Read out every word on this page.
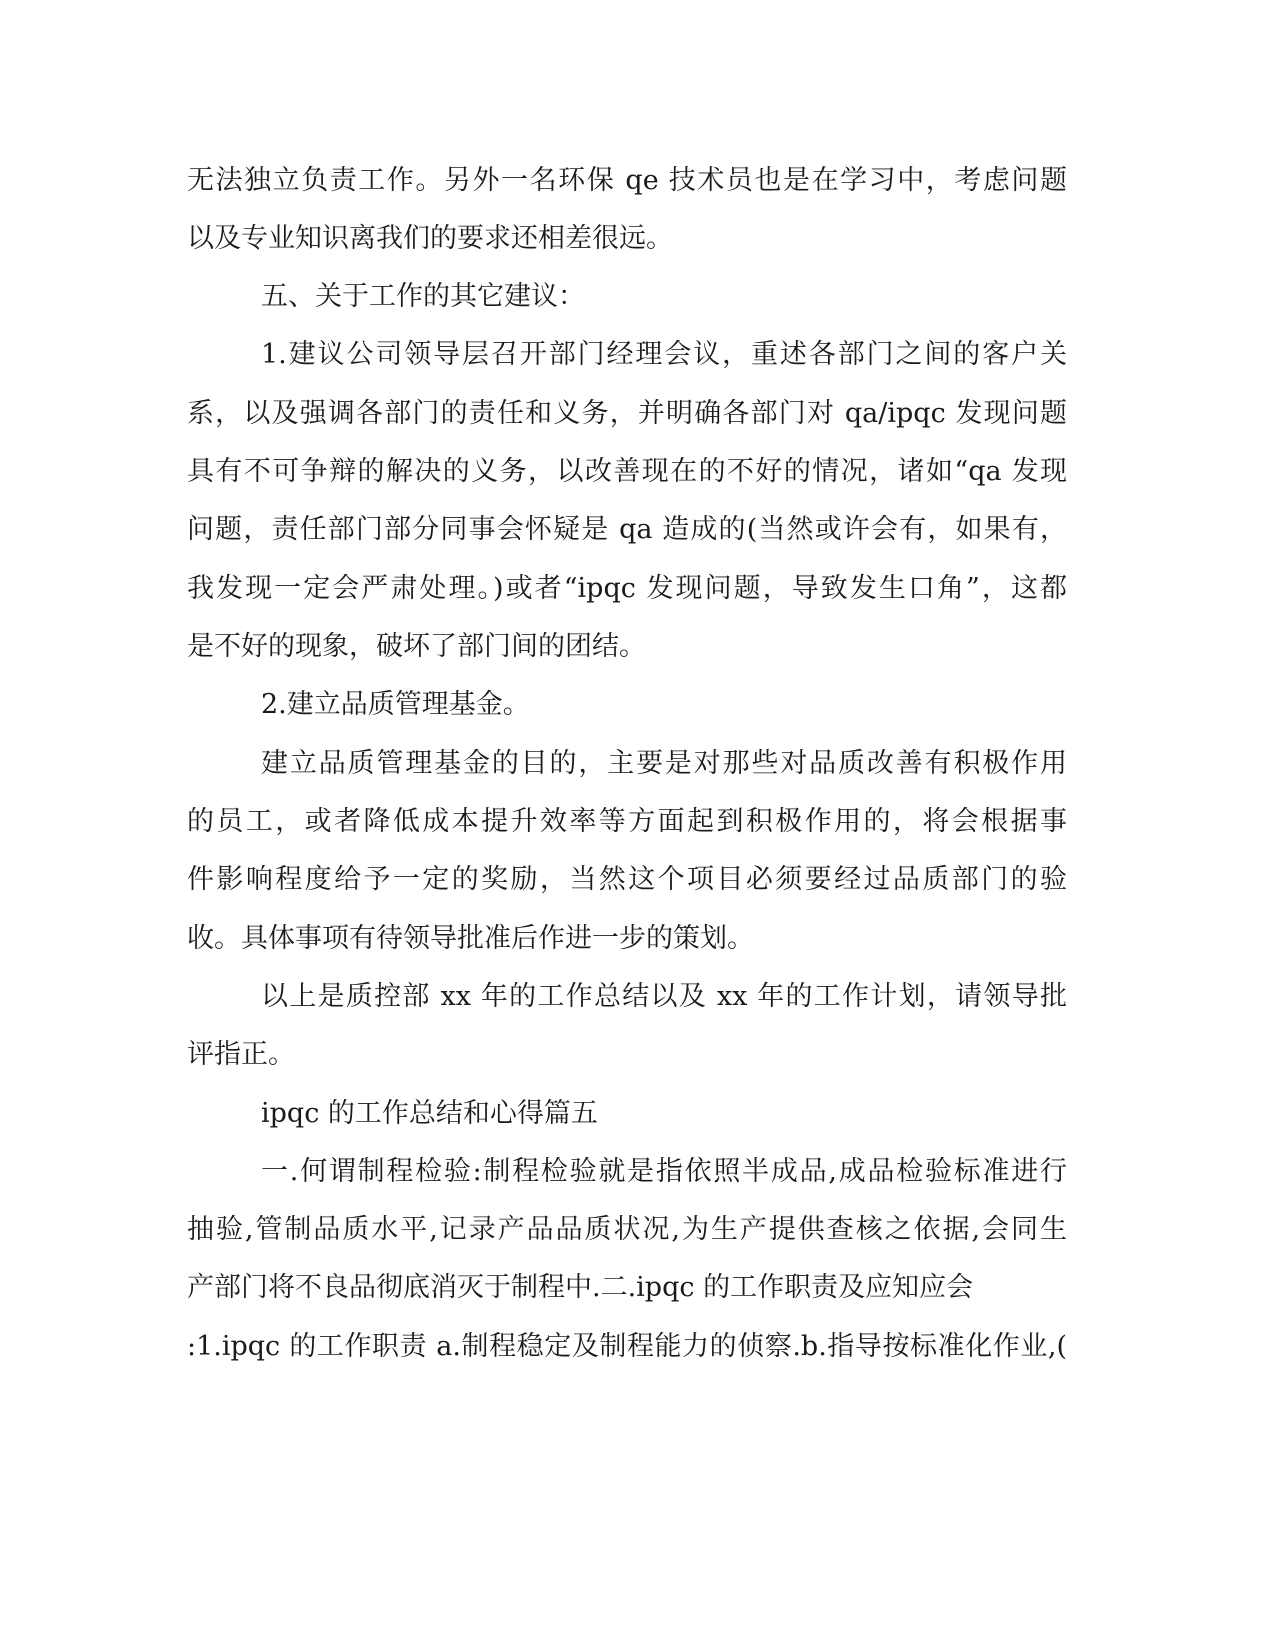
无法独立负责工作。另外一名环保 qe 技术员也是在学习中，考虑问题
以及专业知识离我们的要求还相差很远。
五、关于工作的其它建议：
1.建议公司领导层召开部门经理会议，重述各部门之间的客户关
系，以及强调各部门的责任和义务，并明确各部门对 qa/ipqc 发现问题
具有不可争辩的解决的义务，以改善现在的不好的情况，诸如“qa 发现
问题，责任部门部分同事会怀疑是 qa 造成的(当然或许会有，如果有，
我发现一定会严肃处理。)或者“ipqc 发现问题，导致发生口角”，这都
是不好的现象，破坏了部门间的团结。
2.建立品质管理基金。
建立品质管理基金的目的，主要是对那些对品质改善有积极作用
的员工，或者降低成本提升效率等方面起到积极作用的，将会根据事
件影响程度给予一定的奖励，当然这个项目必须要经过品质部门的验
收。具体事项有待领导批准后作进一步的策划。
以上是质控部 xx 年的工作总结以及 xx 年的工作计划，请领导批
评指正。
ipqc 的工作总结和心得篇五
一.何谓制程检验:制程检验就是指依照半成品,成品检验标准进行
抽验,管制品质水平,记录产品品质状况,为生产提供查核之依据,会同生
产部门将不良品彻底消灭于制程中.二.ipqc 的工作职责及应知应会
:1.ipqc 的工作职责 a.制程稳定及制程能力的侦察.b.指导按标准化作业,(
